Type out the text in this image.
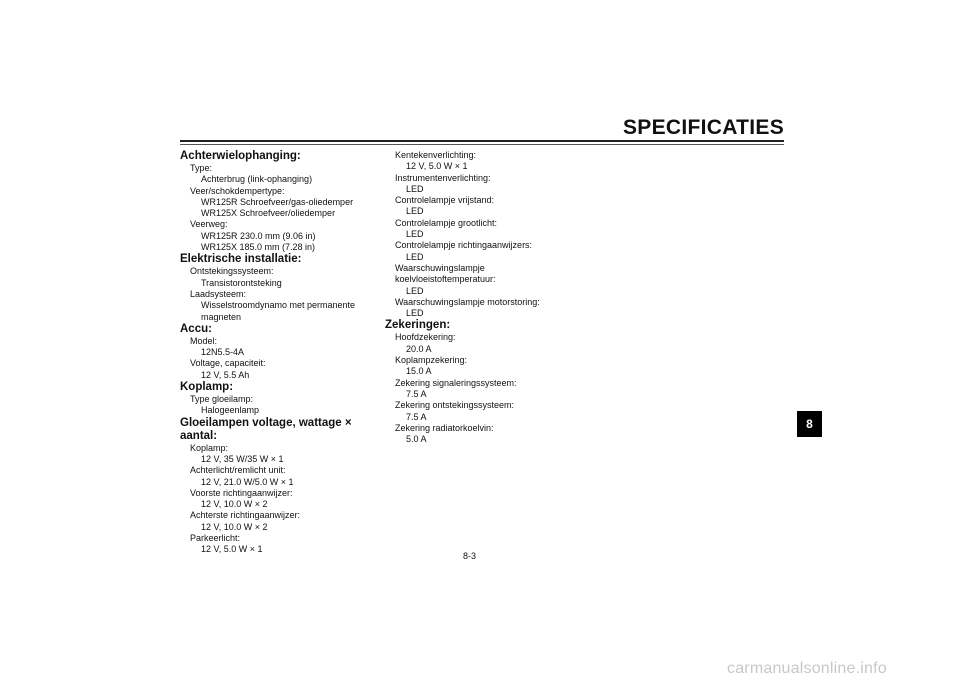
SPECIFICATIES

Achterwielophanging:

Type:

Achterbrug (link-ophanging)

Veer/schokdempertype:

WR125R Schroefveer/gas-oliedemper

WR125X Schroefveer/oliedemper

Veerweg:

WR125R 230.0 mm (9.06 in)

WR125X 185.0 mm (7.28 in)

Elektrische installatie:

Ontstekingssysteem:

Transistorontsteking

Laadsysteem:

Wisselstroomdynamo met permanente

magneten

Accu:

Model:

12N5.5-4A

Voltage, capaciteit:

12 V, 5.5 Ah

Koplamp:

Type gloeilamp:

Halogeenlamp

Gloeilampen voltage, wattage × aantal:

Koplamp:

12 V, 35 W/35 W × 1

Achterlicht/remlicht unit:

12 V, 21.0 W/5.0 W × 1

Voorste richtingaanwijzer:

12 V, 10.0 W × 2

Achterste richtingaanwijzer:

12 V, 10.0 W × 2

Parkeerlicht:

12 V, 5.0 W × 1

Kentekenverlichting:

12 V, 5.0 W × 1

Instrumentenverlichting:

LED

Controlelampje vrijstand:

LED

Controlelampje grootlicht:

LED

Controlelampje richtingaanwijzers:

LED

Waarschuwingslampje

koelvloeistoftemperatuur:

LED

Waarschuwingslampje motorstoring:

LED

Zekeringen:

Hoofdzekering:

20.0 A

Koplampzekering:

15.0 A

Zekering signaleringssysteem:

7.5 A

Zekering ontstekingssysteem:

7.5 A

Zekering radiatorkoelvin:

5.0 A

8
8-3
carmanualsonline.info
